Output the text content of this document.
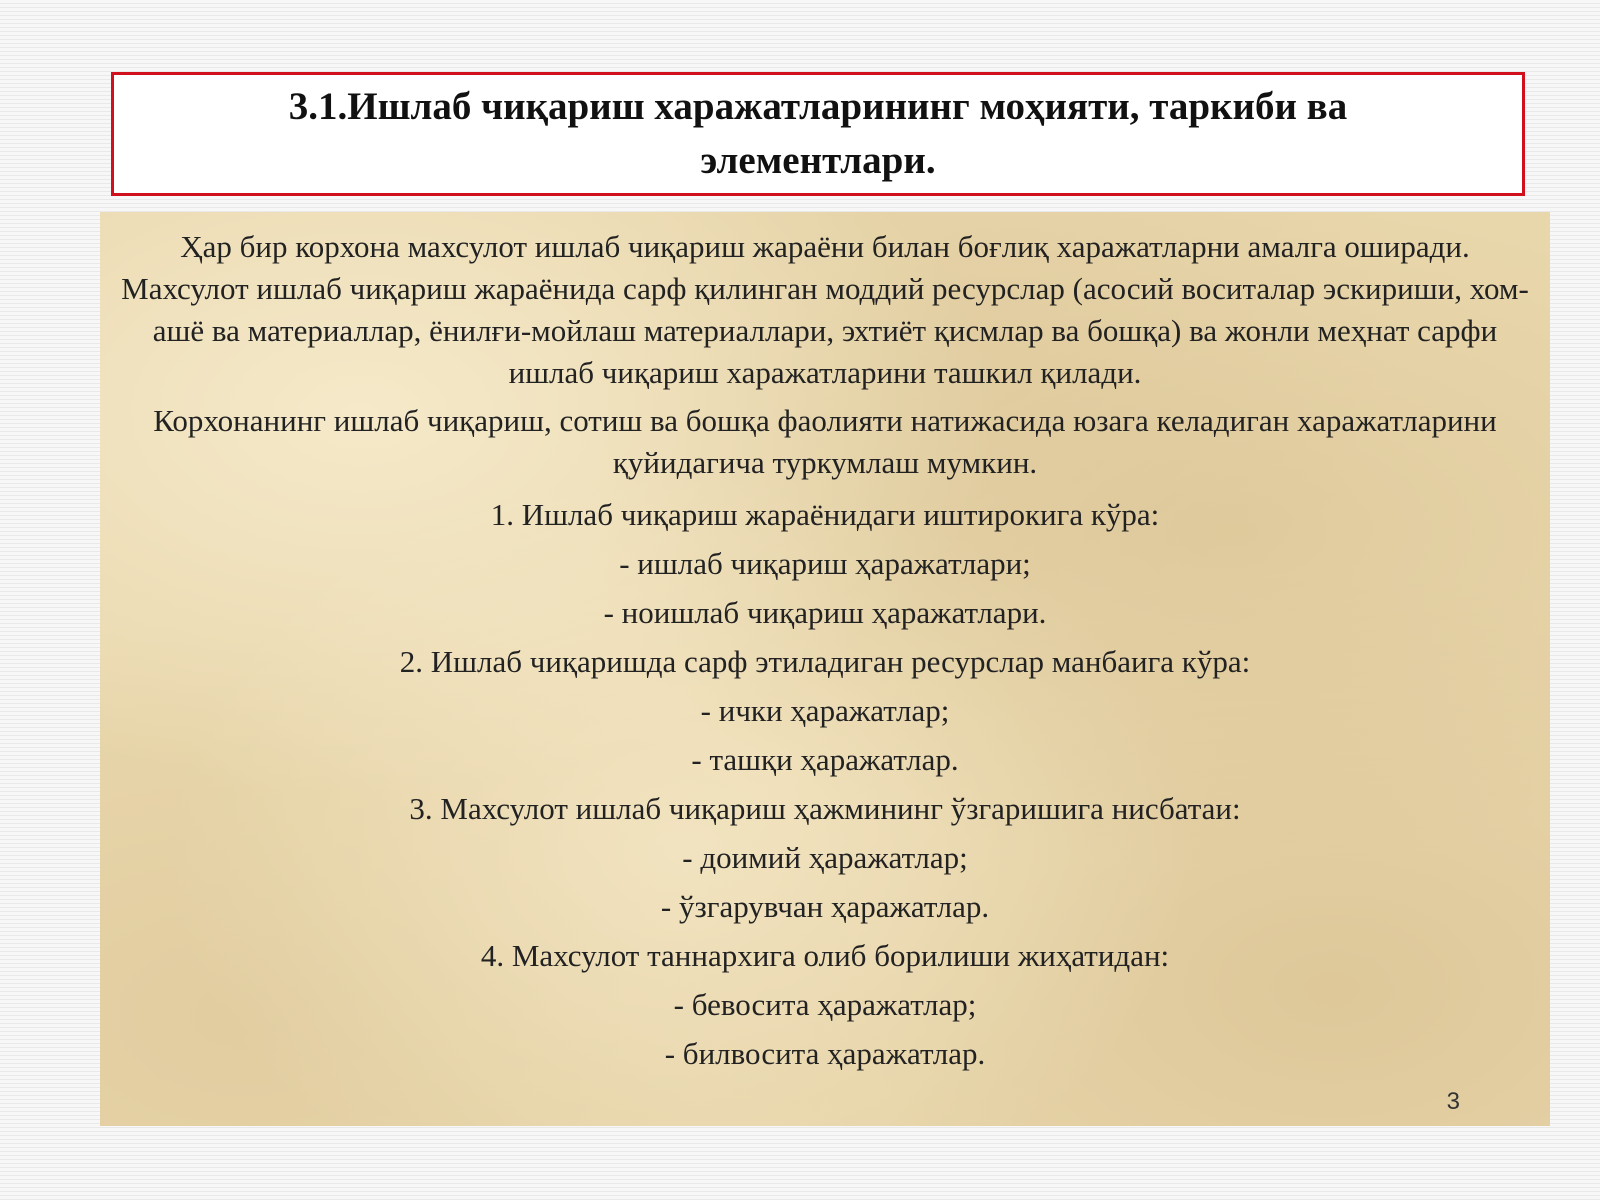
3.1.Ишлаб чиқариш харажатларининг моҳияти, таркиби ва элементлари.

Ҳар бир корхона махсулот ишлаб чиқариш жараёни билан боғлиқ харажатларни амалга оширади. Махсулот ишлаб чиқариш жараёнида сарф қилинган моддий ресурслар (асосий воситалар эскириши, хом-ашё ва материаллар, ёнилғи-мойлаш материаллари, эхтиёт қисмлар ва бошқа) ва жонли меҳнат сарфи ишлаб чиқариш харажатларини ташкил қилади.

Корхонанинг ишлаб чиқариш, сотиш ва бошқа фаолияти натижасида юзага келадиган харажатларини қуйидагича туркумлаш мумкин.

1. Ишлаб чиқариш жараёнидаги иштирокига кўра:

- ишлаб чиқариш ҳаражатлари;

- ноишлаб чиқариш ҳаражатлари.

2. Ишлаб чиқаришда сарф этиладиган ресурслар манбаига кўра:

- ички ҳаражатлар;

- ташқи ҳаражатлар.

3. Махсулот ишлаб чиқариш ҳажмининг ўзгаришига нисбатаи:

- доимий ҳаражатлар;

- ўзгарувчан ҳаражатлар.

4. Махсулот таннархига олиб борилиши жиҳатидан:

- бевосита ҳаражатлар;

- билвосита ҳаражатлар.

3
